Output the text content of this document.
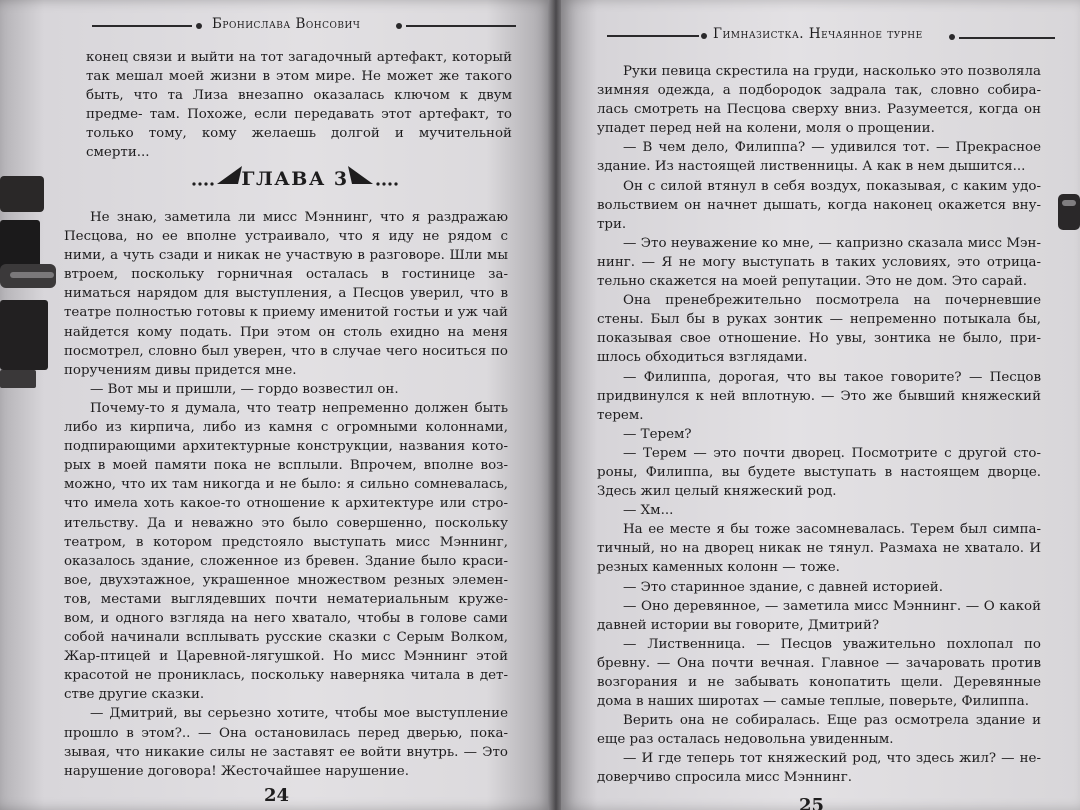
Бронислава Вонсович

конец связи и выйти на тот загадочный артефакт, который так мешал моей жизни в этом мире. Не может же такого быть, что та Лиза внезапно оказалась ключом к двум предме- там. Похоже, если передавать этот артефакт, то только тому, кому желаешь долгой и мучительной смерти...

ГЛАВА 3

Не знаю, заметила ли мисс Мэннинг, что я раздражаю Песцова, но ее вполне устраивало, что я иду не рядом с ними, а чуть сзади и никак не участвую в разговоре. Шли мы втроем, поскольку горничная осталась в гостинице за- ниматься нарядом для выступления, а Песцов уверил, что в театре полностью готовы к приему именитой гостьи и уж чай найдется кому подать. При этом он столь ехидно на меня посмотрел, словно был уверен, что в случае чего носиться по поручениям дивы придется мне.

— Вот мы и пришли, — гордо возвестил он.

Почему-то я думала, что театр непременно должен быть либо из кирпича, либо из камня с огромными колоннами, подпирающими архитектурные конструкции, названия кото- рых в моей памяти пока не всплыли. Впрочем, вполне воз- можно, что их там никогда и не было: я сильно сомневалась, что имела хоть какое-то отношение к архитектуре или стро- ительству. Да и неважно это было совершенно, поскольку театром, в котором предстояло выступать мисс Мэннинг, оказалось здание, сложенное из бревен. Здание было краси- вое, двухэтажное, украшенное множеством резных элемен- тов, местами выглядевших почти нематериальным круже- вом, и одного взгляда на него хватало, чтобы в голове сами собой начинали всплывать русские сказки с Серым Волком, Жар-птицей и Царевной-лягушкой. Но мисс Мэннинг этой красотой не прониклась, поскольку наверняка читала в дет- стве другие сказки.

— Дмитрий, вы серьезно хотите, чтобы мое выступление прошло в этом?.. — Она остановилась перед дверью, пока- зывая, что никакие силы не заставят ее войти внутрь. — Это нарушение договора! Жесточайшее нарушение.

24
Гимназистка. Нечаянное турне

Руки певица скрестила на груди, насколько это позволяла зимняя одежда, а подбородок задрала так, словно собира- лась смотреть на Песцова сверху вниз. Разумеется, когда он упадет перед ней на колени, моля о прощении.

— В чем дело, Филиппа? — удивился тот. — Прекрасное здание. Из настоящей лиственницы. А как в нем дышится...

Он с силой втянул в себя воздух, показывая, с каким удо- вольствием он начнет дышать, когда наконец окажется вну- три.

— Это неуважение ко мне, — капризно сказала мисс Мэн- нинг. — Я не могу выступать в таких условиях, это отрица- тельно скажется на моей репутации. Это не дом. Это сарай.

Она пренебрежительно посмотрела на почерневшие стены. Был бы в руках зонтик — непременно потыкала бы, показывая свое отношение. Но увы, зонтика не было, при- шлось обходиться взглядами.

— Филиппа, дорогая, что вы такое говорите? — Песцов придвинулся к ней вплотную. — Это же бывший княжеский терем.

— Терем?

— Терем — это почти дворец. Посмотрите с другой сто- роны, Филиппа, вы будете выступать в настоящем дворце. Здесь жил целый княжеский род.

— Хм...

На ее месте я бы тоже засомневалась. Терем был симпа- тичный, но на дворец никак не тянул. Размаха не хватало. И резных каменных колонн — тоже.

— Это старинное здание, с давней историей.

— Оно деревянное, — заметила мисс Мэннинг. — О какой давней истории вы говорите, Дмитрий?

— Лиственница. — Песцов уважительно похлопал по бревну. — Она почти вечная. Главное — зачаровать против возгорания и не забывать конопатить щели. Деревянные дома в наших широтах — самые теплые, поверьте, Филиппа.

Верить она не собиралась. Еще раз осмотрела здание и еще раз осталась недовольна увиденным.

— И где теперь тот княжеский род, что здесь жил? — не- доверчиво спросила мисс Мэннинг.

25
